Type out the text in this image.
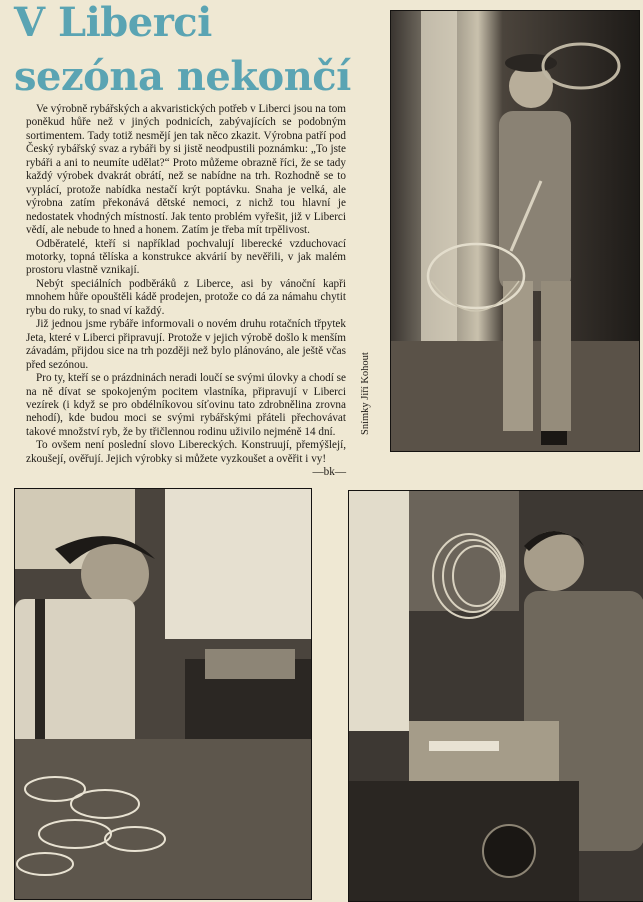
V Liberci
sezóna nekončí

Ve výrobně rybářských a akvaristických potřeb v Liberci jsou na tom poněkud hůře než v jiných podnicích, zabývajících se podobným sortimentem. Tady totiž nesmějí jen tak něco zkazit. Výrobna patří pod Český rybářský svaz a rybáři by si jistě neodpustili poznámku: „To jste rybáři a ani to neumíte udělat?“ Proto můžeme obrazně říci, že se tady každý výrobek dvakrát obrátí, než se nabídne na trh. Rozhodně se to vyplácí, protože nabídka nestačí krýt poptávku. Snaha je velká, ale výrobna zatím překonává dětské nemoci, z nichž tou hlavní je nedostatek vhodných místností. Jak tento problém vyřešit, již v Liberci vědí, ale nebude to hned a honem. Zatím je třeba mít trpělivost.

Odběratelé, kteří si například pochvalují liberecké vzduchovací motorky, topná tělíska a konstrukce akvárií by nevěřili, v jak malém prostoru vlastně vznikají.

Nebýt speciálních podběráků z Liberce, asi by vánoční kapři mnohem hůře opouštěli kádě prodejen, protože co dá za námahu chytit rybu do ruky, to snad ví každý.

Již jednou jsme rybáře informovali o novém druhu rotačních třpytek Jeta, které v Liberci připravují. Protože v jejich výrobě došlo k menším závadám, přijdou sice na trh později než bylo plánováno, ale ještě včas před sezónou.

Pro ty, kteří se o prázdninách neradi loučí se svými úlovky a chodí se na ně dívat se spokojeným pocitem vlastníka, připravují v Liberci vezírek (i když se pro obdélníkovou síťovinu tato zdrobnělina zrovna nehodí), kde budou moci se svými rybářskými přáteli přechovávat takové množství ryb, že by třičlennou rodinu uživilo nejméně 14 dní.

To ovšem není poslední slovo Libereckých. Konstruují, přemýšlejí, zkoušejí, ověřují. Jejich výrobky si můžete vyzkoušet a ověřit i vy!

—bk—
Snímky Jiří Kohout
